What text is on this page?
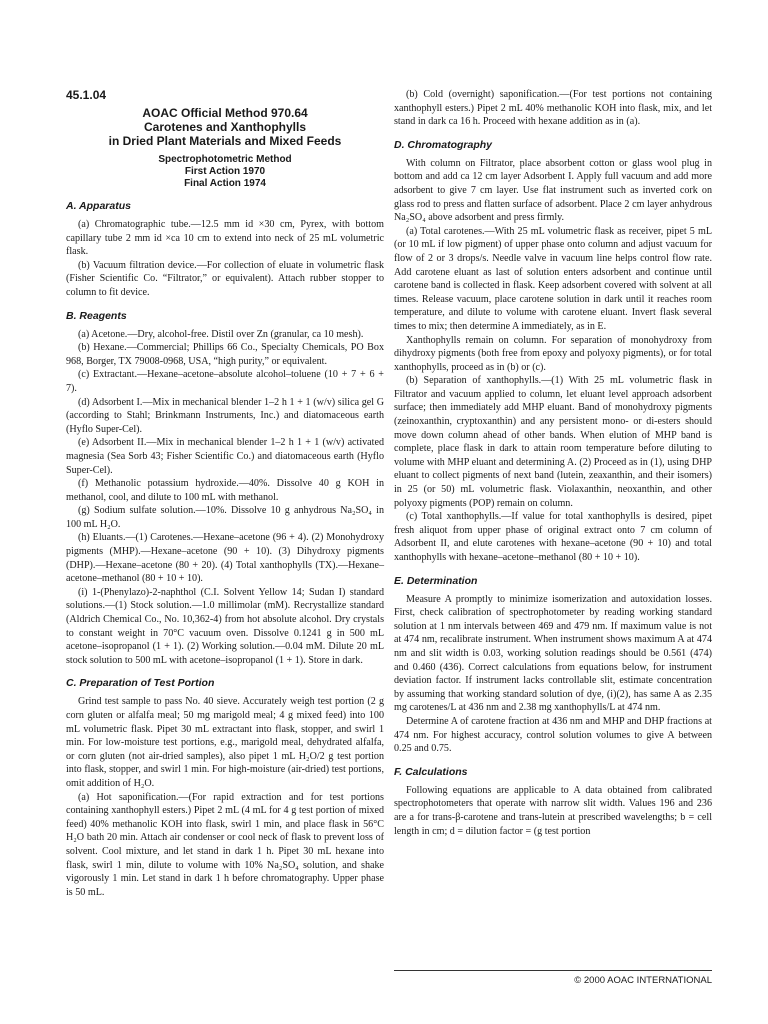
45.1.04
AOAC Official Method 970.64
Carotenes and Xanthophylls
in Dried Plant Materials and Mixed Feeds
Spectrophotometric Method
First Action 1970
Final Action 1974
A. Apparatus

(a) Chromatographic tube.—12.5 mm id ×30 cm, Pyrex, with bottom capillary tube 2 mm id ×ca 10 cm to extend into neck of 25 mL volumetric flask.

(b) Vacuum filtration device.—For collection of eluate in volumetric flask (Fisher Scientific Co. “Filtrator,” or equivalent). Attach rubber stopper to column to fit device.

B. Reagents

(a) Acetone.—Dry, alcohol-free. Distil over Zn (granular, ca 10 mesh).

(b) Hexane.—Commercial; Phillips 66 Co., Specialty Chemicals, PO Box 968, Borger, TX 79008-0968, USA, “high purity,” or equivalent.

(c) Extractant.—Hexane–acetone–absolute alcohol–toluene (10 + 7 + 6 + 7).

(d) Adsorbent I.—Mix in mechanical blender 1–2 h 1 + 1 (w/v) silica gel G (according to Stahl; Brinkmann Instruments, Inc.) and diatomaceous earth (Hyflo Super-Cel).

(e) Adsorbent II.—Mix in mechanical blender 1–2 h 1 + 1 (w/v) activated magnesia (Sea Sorb 43; Fisher Scientific Co.) and diatomaceous earth (Hyflo Super-Cel).

(f) Methanolic potassium hydroxide.—40%. Dissolve 40 g KOH in methanol, cool, and dilute to 100 mL with methanol.

(g) Sodium sulfate solution.—10%. Dissolve 10 g anhydrous Na₂SO₄ in 100 mL H₂O.

(h) Eluants.—(1) Carotenes.—Hexane–acetone (96 + 4). (2) Monohydroxy pigments (MHP).—Hexane–acetone (90 + 10). (3) Dihydroxy pigments (DHP).—Hexane–acetone (80 + 20). (4) Total xanthophylls (TX).—Hexane–acetone–methanol (80 + 10 + 10).

(i) 1-(Phenylazo)-2-naphthol (C.I. Solvent Yellow 14; Sudan I) standard solutions.—(1) Stock solution.—1.0 millimolar (mM). Recrystallize standard (Aldrich Chemical Co., No. 10,362-4) from hot absolute alcohol. Dry crystals to constant weight in 70°C vacuum oven. Dissolve 0.1241 g in 500 mL acetone–isopropanol (1 + 1). (2) Working solution.—0.04 mM. Dilute 20 mL stock solution to 500 mL with acetone–isopropanol (1 + 1). Store in dark.

C. Preparation of Test Portion

Grind test sample to pass No. 40 sieve. Accurately weigh test portion (2 g corn gluten or alfalfa meal; 50 mg marigold meal; 4 g mixed feed) into 100 mL volumetric flask. Pipet 30 mL extractant into flask, stopper, and swirl 1 min. For low-moisture test portions, e.g., marigold meal, dehydrated alfalfa, or corn gluten (not air-dried samples), also pipet 1 mL H₂O/2 g test portion into flask, stopper, and swirl 1 min. For high-moisture (air-dried) test portions, omit addition of H₂O.

(a) Hot saponification.—(For rapid extraction and for test portions containing xanthophyll esters.) Pipet 2 mL (4 mL for 4 g test portion of mixed feed) 40% methanolic KOH into flask, swirl 1 min, and place flask in 56°C H₂O bath 20 min. Attach air condenser or cool neck of flask to prevent loss of solvent. Cool mixture, and let stand in dark 1 h. Pipet 30 mL hexane into flask, swirl 1 min, dilute to volume with 10% Na₂SO₄ solution, and shake vigorously 1 min. Let stand in dark 1 h before chromatography. Upper phase is 50 mL.

(b) Cold (overnight) saponification.—(For test portions not containing xanthophyll esters.) Pipet 2 mL 40% methanolic KOH into flask, mix, and let stand in dark ca 16 h. Proceed with hexane addition as in (a).

D. Chromatography

With column on Filtrator, place absorbent cotton or glass wool plug in bottom and add ca 12 cm layer Adsorbent I. Apply full vacuum and add more adsorbent to give 7 cm layer. Use flat instrument such as inverted cork on glass rod to press and flatten surface of adsorbent. Place 2 cm layer anhydrous Na₂SO₄ above adsorbent and press firmly.

(a) Total carotenes.—With 25 mL volumetric flask as receiver, pipet 5 mL (or 10 mL if low pigment) of upper phase onto column and adjust vacuum for flow of 2 or 3 drops/s. Needle valve in vacuum line helps control flow rate. Add carotene eluant as last of solution enters adsorbent and continue until carotene band is collected in flask. Keep adsorbent covered with solvent at all times. Release vacuum, place carotene solution in dark until it reaches room temperature, and dilute to volume with carotene eluant. Invert flask several times to mix; then determine A immediately, as in E.

Xanthophylls remain on column. For separation of monohydroxy from dihydroxy pigments (both free from epoxy and polyoxy pigments), or for total xanthophylls, proceed as in (b) or (c).

(b) Separation of xanthophylls.—(1) With 25 mL volumetric flask in Filtrator and vacuum applied to column, let eluant level approach adsorbent surface; then immediately add MHP eluant. Band of monohydroxy pigments (zeinoxanthin, cryptoxanthin) and any persistent mono- or di-esters should move down column ahead of other bands. When elution of MHP band is complete, place flask in dark to attain room temperature before diluting to volume with MHP eluant and determining A. (2) Proceed as in (1), using DHP eluant to collect pigments of next band (lutein, zeaxanthin, and their isomers) in 25 (or 50) mL volumetric flask. Violaxanthin, neoxanthin, and other polyoxy pigments (POP) remain on column.

(c) Total xanthophylls.—If value for total xanthophylls is desired, pipet fresh aliquot from upper phase of original extract onto 7 cm column of Adsorbent II, and elute carotenes with hexane–acetone (90 + 10) and total xanthophylls with hexane–acetone–methanol (80 + 10 + 10).

E. Determination

Measure A promptly to minimize isomerization and autoxidation losses. First, check calibration of spectrophotometer by reading working standard solution at 1 nm intervals between 469 and 479 nm. If maximum value is not at 474 nm, recalibrate instrument. When instrument shows maximum A at 474 nm and slit width is 0.03, working solution readings should be 0.561 (474) and 0.460 (436). Correct calculations from equations below, for instrument deviation factor. If instrument lacks controllable slit, estimate concentration by assuming that working standard solution of dye, (i)(2), has same A as 2.35 mg carotenes/L at 436 nm and 2.38 mg xanthophylls/L at 474 nm.

Determine A of carotene fraction at 436 nm and MHP and DHP fractions at 474 nm. For highest accuracy, control solution volumes to give A between 0.25 and 0.75.

F. Calculations

Following equations are applicable to A data obtained from calibrated spectrophotometers that operate with narrow slit width. Values 196 and 236 are a for trans-β-carotene and trans-lutein at prescribed wavelengths; b = cell length in cm; d = dilution factor = (g test portion

© 2000 AOAC INTERNATIONAL
